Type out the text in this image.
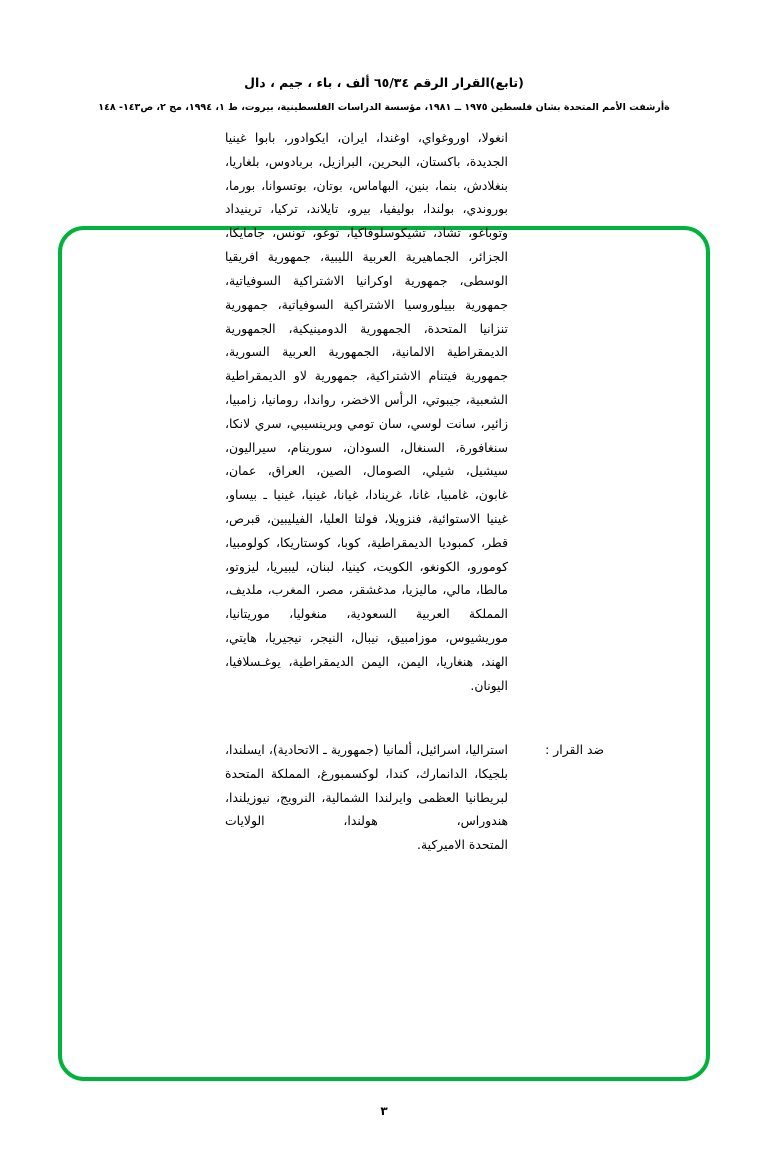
(تابع)القرار الرقم ٦٥/٣٤ ألف ، باء ، جيم ، دال
ةأرشفت الأمم المتحدة بشان فلسطين ١٩٧٥ ــ ١٩٨١، مؤسسة الدراسات الفلسطينية، بيروت، ط ١، ١٩٩٤، مج ٢، ص١٤٣- ١٤٨

انغولا، اوروغواي، اوغندا، ايران، ايكوادور، بابوا غينيا الجديدة، باكستان، البحرين، البرازيل، بربادوس، بلغاريا، بنغلادش، بنما، بنين، البهاماس، بوتان، بوتسوانا، بورما، بوروندي، بولندا، بوليفيا، بيرو، تايلاند، تركيا، ترينيداد وتوباغو، تشاد، تشيكوسلوفاكيا، توغو، تونس، جامايكا، الجزائر، الجماهيرية العربية الليبية، جمهورية افريقيا الوسطى، جمهورية اوكرانيا الاشتراكية السوفياتية، جمهورية بييلوروسيا الاشتراكية السوفياتية، جمهورية تنزانيا المتحدة، الجمهورية الدومينيكية، الجمهورية الديمقراطية الالمانية، الجمهورية العربية السورية، جمهورية فيتنام الاشتراكية، جمهورية لاو الديمقراطية الشعبية، جيبوتي، الرأس الاخضر، رواندا، رومانيا، زامبيا، زائير، سانت لوسي، سان تومي وبرينسيبي، سري لانكا، سنغافورة، السنغال، السودان، سورينام، سيراليون، سيشيل، شيلي، الصومال، الصين، العراق، عمان، غابون، غامبيا، غانا، غرينادا، غيانا، غينيا، غينيا ـ بيساو، غينيا الاستوائية، فنزويلا، فولتا العليا، الفيليبين، قبرص، قطر، كمبوديا الديمقراطية، كوبا، كوستاريكا، كولومبيا، كومورو، الكونغو، الكويت، كينيا، لبنان، ليبيريا، ليزوتو، مالطا، مالي، ماليزيا، مدغشقر، مصر، المغرب، ملديف، المملكة العربية السعودية، منغوليا، موريتانيا، موريشيوس، موزامبيق، نيبال، النيجر، نيجيريا، هايتي، الهند، هنغاريا، اليمن، اليمن الديمقراطية، يوغـسلافيا، اليونان.

ضد القرار :
استراليا، اسرائيل، ألمانيا (جمهورية ـ الاتحادية)، ايسلندا، بلجيكا، الدانمارك، كندا، لوكسمبورغ، المملكة المتحدة لبريطانيا العظمى وايرلندا الشمالية، النرويج، نيوزيلندا، هندوراس، هولندا، الولايات
المتحدة الاميركية.
٣
